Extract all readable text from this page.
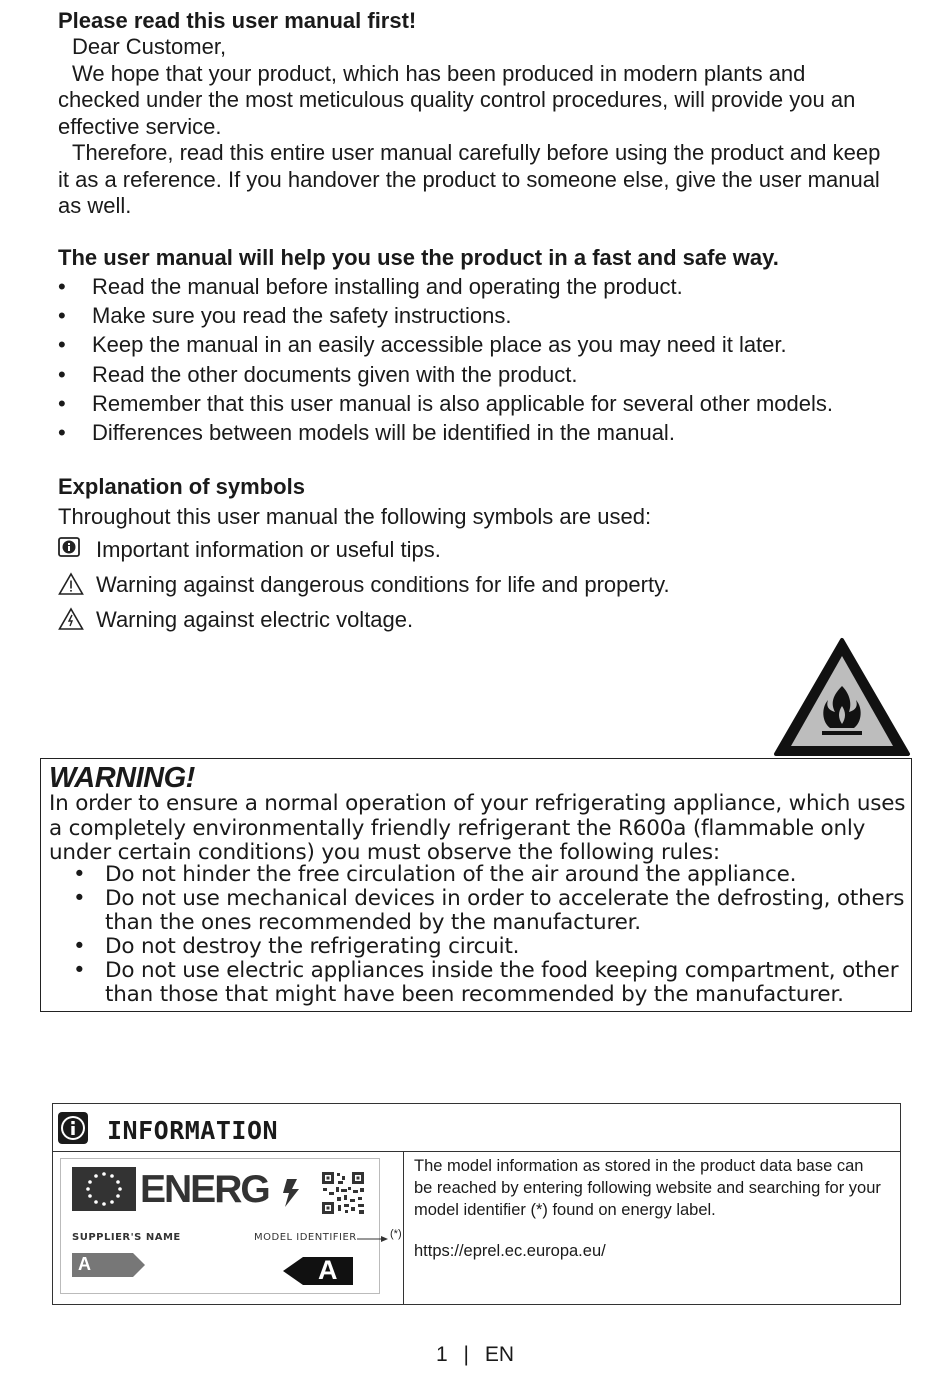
Please read this user manual first!

Dear Customer,

We hope that your product, which has been produced in modern plants and checked under the most meticulous quality control procedures, will provide you an effective service.

Therefore, read this entire user manual carefully before using the product and keep it as a reference. If you handover the product to someone else, give the user manual as well.

The user manual will help you use the product in a fast and safe way.
• Read the manual before installing and operating the product.
• Make sure you read the safety instructions.
• Keep the manual in an easily accessible place as you may need it later.
• Read the other documents given with the product.
• Remember that this user manual is also applicable for several other models.
• Differences between models will be identified in the manual.
Explanation of symbols
Throughout this user manual the following symbols are used:
Important information or useful tips.
Warning against dangerous conditions for life and property.
Warning against electric voltage.
WARNING!
In order to ensure a normal operation of your refrigerating appliance, which uses a completely environmentally friendly refrigerant the R600a (flammable only under certain conditions) you must observe the following rules:
• Do not hinder the free circulation of the air around the appliance.
• Do not use mechanical devices in order to accelerate the defrosting, others than the ones recommended by the manufacturer.
• Do not destroy the refrigerating circuit.
• Do not use electric appliances inside the food keeping compartment, other than those that might have been recommended by the manufacturer.
INFORMATION
ENERG
SUPPLIER'S NAME	MODEL IDENTIFIER	(*)
A	A
The model information as stored in the product data base can be reached by entering following website and searching for your model identifier (*) found on energy label.
https://eprel.ec.europa.eu/
1 | EN
